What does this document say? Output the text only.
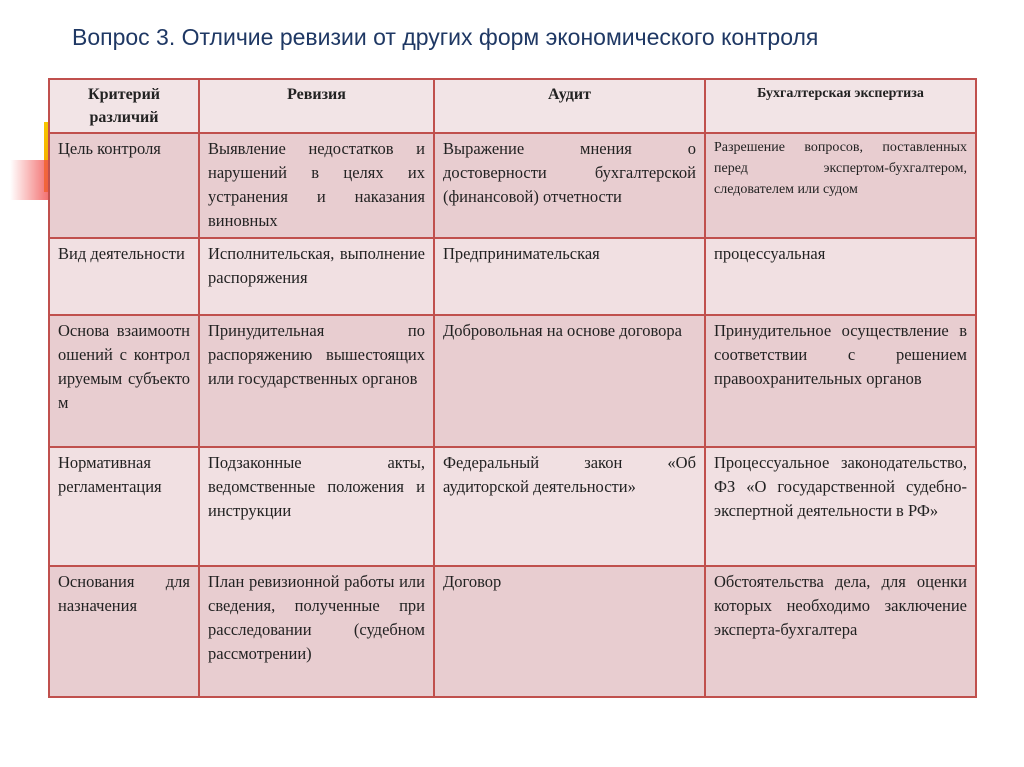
Вопрос 3. Отличие ревизии от других форм экономического контроля
Критерий различий	Ревизия	Аудит	Бухгалтерская экспертиза
Цель контроля	Выявление недостатков и нарушений в целях их устранения и наказания виновных	Выражение мнения о достоверности бухгалтерской (финансовой) отчетности	Разрешение вопросов, поставленных перед экспертом-бухгалтером, следователем или судом
Вид деятельности	Исполнительская, выполнение распоряжения	Предпринимательская	процессуальная
Основа взаимоотношений с контролируемым субъектом	Принудительная по распоряжению вышестоящих или государственных органов	Добровольная на основе договора	Принудительное осуществление в соответствии с решением правоохранительных органов
Нормативная регламентация	Подзаконные акты, ведомственные положения и инструкции	Федеральный закон «Об аудиторской деятельности»	Процессуальное законодательство, ФЗ «О государственной судебно-экспертной деятельности в РФ»
Основания для назначения	План ревизионной работы или сведения, полученные при расследовании (судебном рассмотрении)	Договор	Обстоятельства дела, для оценки которых необходимо заключение эксперта-бухгалтера
